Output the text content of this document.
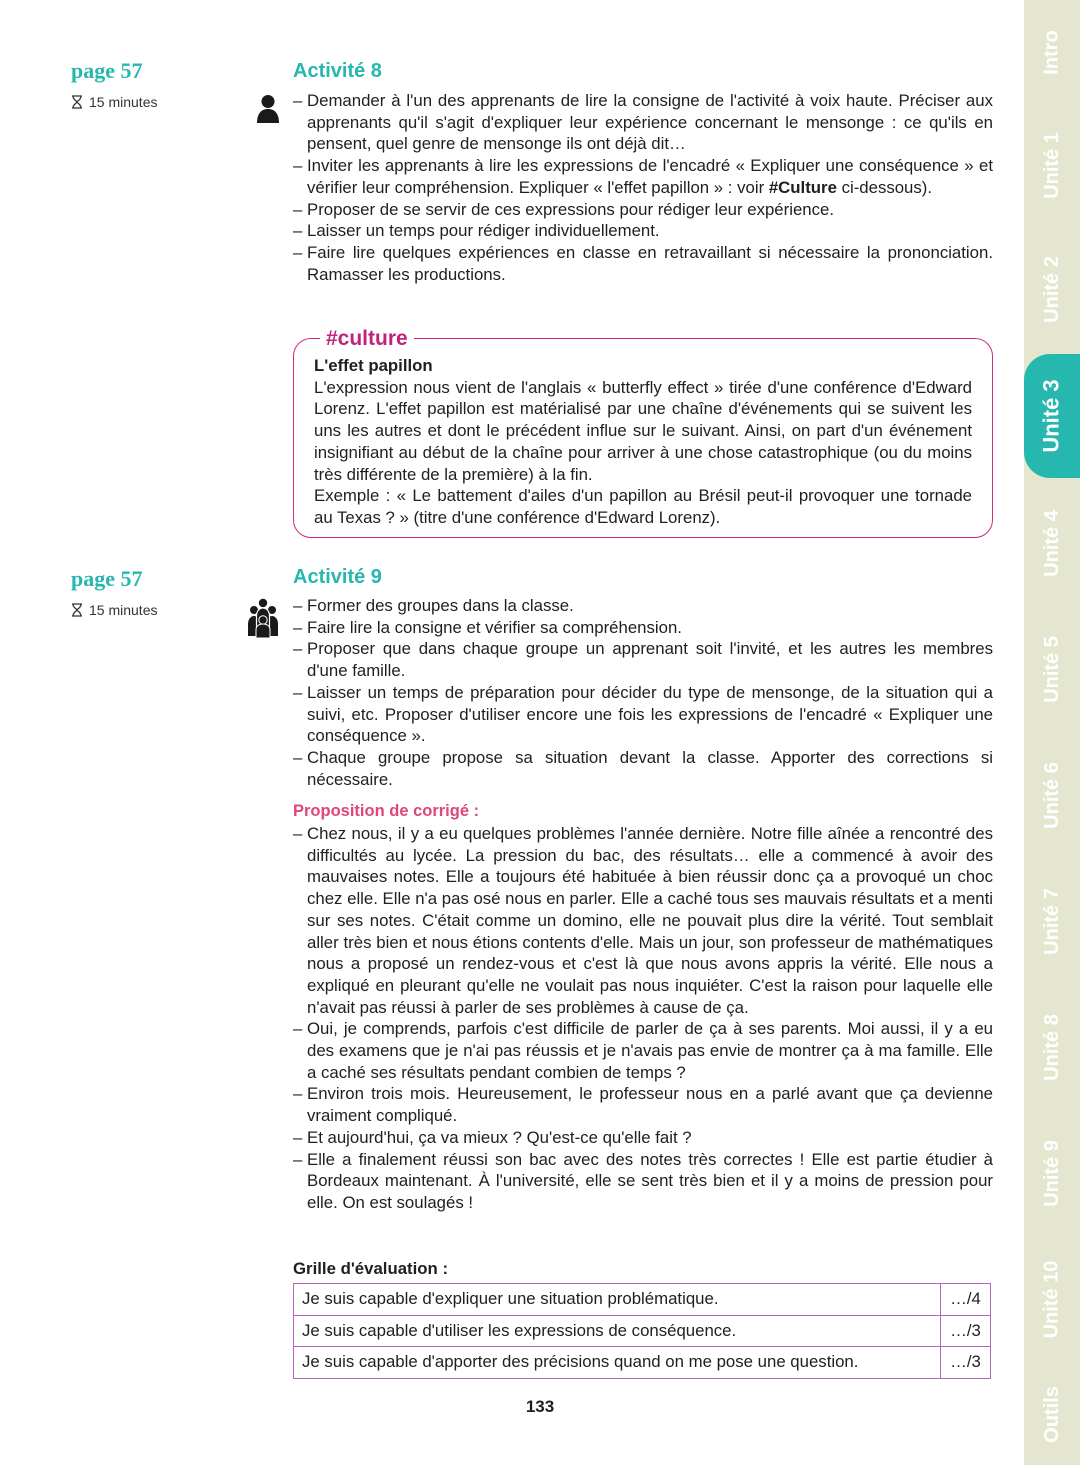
page 57
15 minutes
Activité 8
– Demander à l'un des apprenants de lire la consigne de l'activité à voix haute. Préciser aux apprenants qu'il s'agit d'expliquer leur expérience concernant le mensonge : ce qu'ils en pensent, quel genre de mensonge ils ont déjà dit…
– Inviter les apprenants à lire les expressions de l'encadré « Expliquer une conséquence » et vérifier leur compréhension. Expliquer « l'effet papillon » : voir #Culture ci-dessous).
– Proposer de se servir de ces expressions pour rédiger leur expérience.
– Laisser un temps pour rédiger individuellement.
– Faire lire quelques expériences en classe en retravaillant si nécessaire la prononciation. Ramasser les productions.
#culture
L'effet papillon
L'expression nous vient de l'anglais « butterfly effect » tirée d'une conférence d'Edward Lorenz. L'effet papillon est matérialisé par une chaîne d'événements qui se suivent les uns les autres et dont le précédent influe sur le suivant. Ainsi, on part d'un événement insignifiant au début de la chaîne pour arriver à une chose catastrophique (ou du moins très différente de la première) à la fin.
Exemple : « Le battement d'ailes d'un papillon au Brésil peut-il provoquer une tornade au Texas ? » (titre d'une conférence d'Edward Lorenz).
page 57
15 minutes
Activité 9
– Former des groupes dans la classe.
– Faire lire la consigne et vérifier sa compréhension.
– Proposer que dans chaque groupe un apprenant soit l'invité, et les autres les membres d'une famille.
– Laisser un temps de préparation pour décider du type de mensonge, de la situation qui a suivi, etc. Proposer d'utiliser encore une fois les expressions de l'encadré « Expliquer une conséquence ».
– Chaque groupe propose sa situation devant la classe. Apporter des corrections si nécessaire.
Proposition de corrigé :
– Chez nous, il y a eu quelques problèmes l'année dernière. Notre fille aînée a rencontré des difficultés au lycée. La pression du bac, des résultats… elle a commencé à avoir des mauvaises notes. Elle a toujours été habituée à bien réussir donc ça a provoqué un choc chez elle. Elle n'a pas osé nous en parler. Elle a caché tous ses mauvais résultats et a menti sur ses notes. C'était comme un domino, elle ne pouvait plus dire la vérité. Tout semblait aller très bien et nous étions contents d'elle. Mais un jour, son professeur de mathématiques nous a proposé un rendez-vous et c'est là que nous avons appris la vérité. Elle nous a expliqué en pleurant qu'elle ne voulait pas nous inquiéter. C'est la raison pour laquelle elle n'avait pas réussi à parler de ses problèmes à cause de ça.
– Oui, je comprends, parfois c'est difficile de parler de ça à ses parents. Moi aussi, il y a eu des examens que je n'ai pas réussis et je n'avais pas envie de montrer ça à ma famille. Elle a caché ses résultats pendant combien de temps ?
– Environ trois mois. Heureusement, le professeur nous en a parlé avant que ça devienne vraiment compliqué.
– Et aujourd'hui, ça va mieux ? Qu'est-ce qu'elle fait ?
– Elle a finalement réussi son bac avec des notes très correctes ! Elle est partie étudier à Bordeaux maintenant. À l'université, elle se sent très bien et il y a moins de pression pour elle. On est soulagés !
Grille d'évaluation :
Je suis capable d'expliquer une situation problématique.	…/4
Je suis capable d'utiliser les expressions de conséquence.	…/3
Je suis capable d'apporter des précisions quand on me pose une question.	…/3
133
Intro
Unité 1
Unité 2
Unité 3
Unité 4
Unité 5
Unité 6
Unité 7
Unité 8
Unité 9
Unité 10
Outils
